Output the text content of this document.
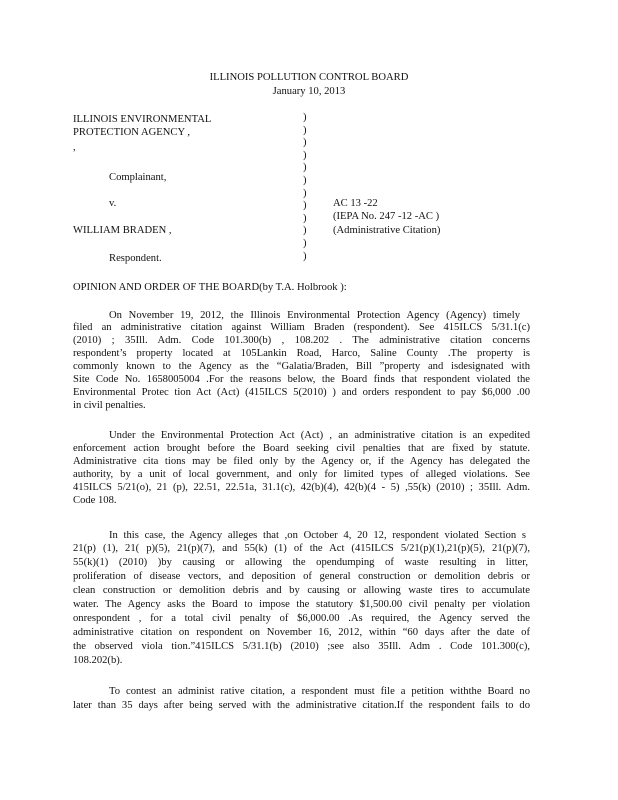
ILLINOIS POLLUTION CONTROL BOARD
January 10, 2013
ILLINOIS ENVIRONMENTAL
PROTECTION AGENCY ,
,
Complainant,
v.
WILLIAM BRADEN ,
Respondent.
)
)
)
)
)
)
)
)
)
)
)
)
AC 13 -22
(IEPA No. 247 -12 -AC )
(Administrative Citation)
OPINION AND ORDER OF THE BOARD(by T.A. Holbrook ):
On November 19, 2012, the Illinois Environmental Protection Agency (Agency) timely
filed an administrative citation against William Braden (respondent). See 415ILCS 5/31.1(c)
(2010) ; 35Ill. Adm. Code 101.300(b) , 108.202 . The administrative citation concerns
respondent’s property located at 105Lankin Road, Harco, Saline County .The property is
commonly known to the Agency as the “Galatia/Braden, Bill ”property and isdesignated with
Site Code No. 1658005004 .For the reasons below, the Board finds that respondent violated the
Environmental Protec tion Act (Act) (415ILCS 5(2010) ) and orders respondent to pay $6,000 .00
in civil penalties.
Under the Environmental Protection Act (Act) , an administrative citation is an expedited
enforcement action brought before the Board seeking civil penalties that are fixed by statute.
Administrative cita tions may be filed only by the Agency or, if the Agency has delegated the
authority, by a unit of local government, and only for limited types of alleged violations. See
415ILCS 5/21(o), 21 (p), 22.51, 22.51a, 31.1(c), 42(b)(4), 42(b)(4 - 5) ,55(k) (2010) ; 35Ill. Adm.
Code 108.
In this case, the Agency alleges that ,on October 4, 20 12, respondent violated Section s
21(p) (1), 21( p)(5), 21(p)(7), and 55(k) (1) of the Act (415ILCS 5/21(p)(1),21(p)(5), 21(p)(7),
55(k)(1) (2010) )by causing or allowing the opendumping of waste resulting in litter,
proliferation of disease vectors, and deposition of general construction or demolition debris or
clean construction or demolition debris and by causing or allowing waste tires to accumulate
water. The Agency asks the Board to impose the statutory $1,500.00 civil penalty per violation
onrespondent , for a total civil penalty of $6,000.00 .As required, the Agency served the
administrative citation on respondent on November 16, 2012, within “60 days after the date of
the observed viola tion.”415ILCS 5/31.1(b) (2010) ;see also 35Ill. Adm . Code 101.300(c),
108.202(b).
To contest an administ rative citation, a respondent must file a petition withthe Board no
later than 35 days after being served with the administrative citation.If the respondent fails to do
